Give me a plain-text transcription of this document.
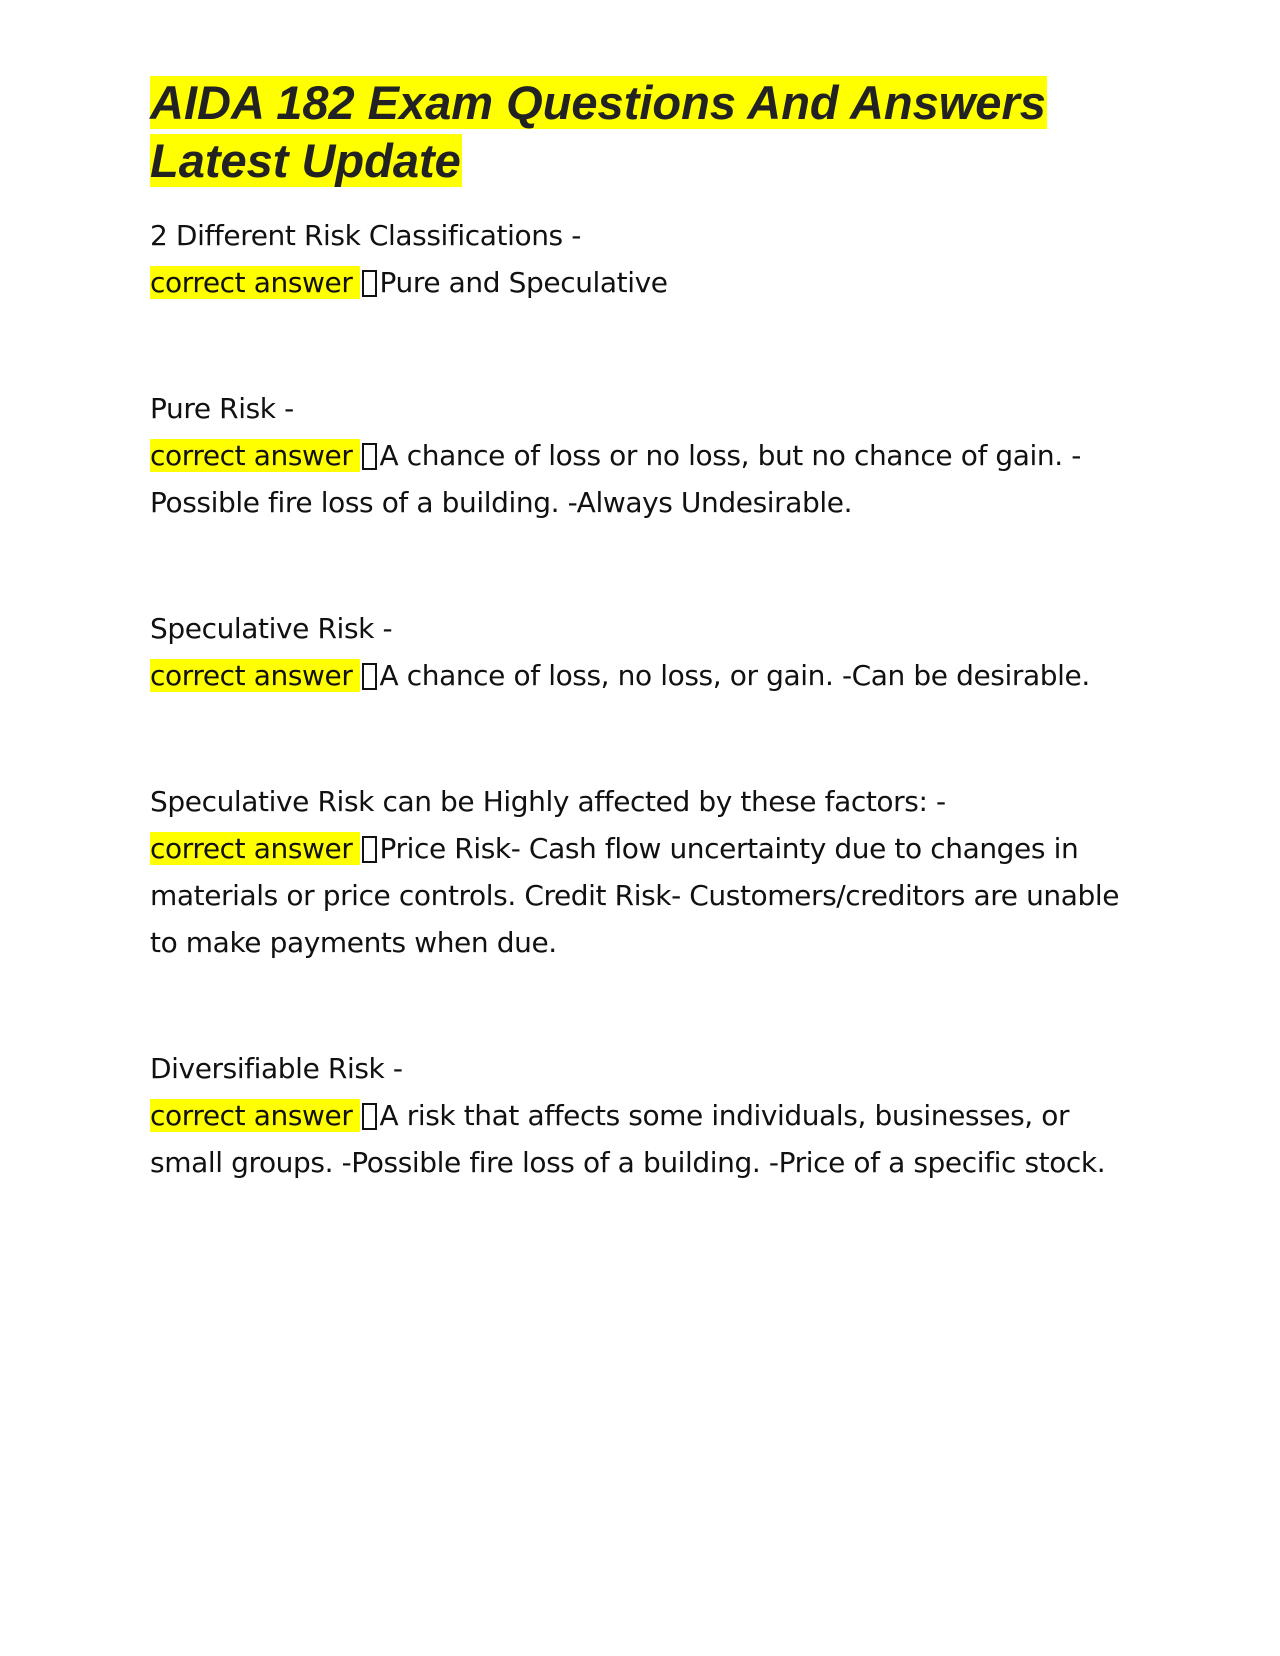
AIDA 182 Exam Questions And Answers Latest Update
2 Different Risk Classifications -
correct answer Pure and Speculative
Pure Risk -
correct answer A chance of loss or no loss, but no chance of gain. -Possible fire loss of a building. -Always Undesirable.
Speculative Risk -
correct answer A chance of loss, no loss, or gain. -Can be desirable.
Speculative Risk can be Highly affected by these factors: -
correct answer Price Risk- Cash flow uncertainty due to changes in materials or price controls. Credit Risk- Customers/creditors are unable to make payments when due.
Diversifiable Risk -
correct answer A risk that affects some individuals, businesses, or small groups. -Possible fire loss of a building. -Price of a specific stock.
